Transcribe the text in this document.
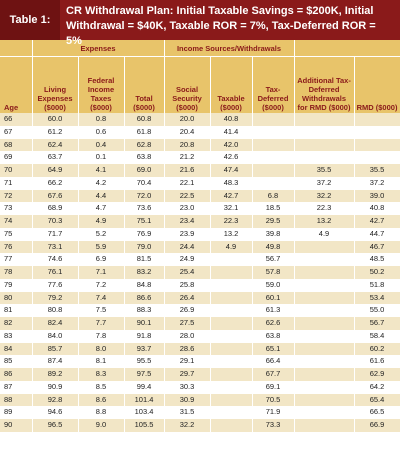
Table 1:
CR Withdrawal Plan: Initial Taxable Savings = $200K, Initial Withdrawal = $40K, Taxable ROR = 7%, Tax-Deferred ROR = 5%
	Expenses			Income Sources/Withdrawals				
Age	Living Expenses ($000)	Federal Income Taxes ($000)	Total ($000)	Social Security ($000)	Taxable ($000)	Tax-Deferred ($000)	Additional Tax-Deferred Withdrawals for RMD ($000)	RMD ($000)
66	60.0	0.8	60.8	20.0	40.8			
67	61.2	0.6	61.8	20.4	41.4			
68	62.4	0.4	62.8	20.8	42.0			
69	63.7	0.1	63.8	21.2	42.6			
70	64.9	4.1	69.0	21.6	47.4		35.5	35.5
71	66.2	4.2	70.4	22.1	48.3		37.2	37.2
72	67.6	4.4	72.0	22.5	42.7	6.8	32.2	39.0
73	68.9	4.7	73.6	23.0	32.1	18.5	22.3	40.8
74	70.3	4.9	75.1	23.4	22.3	29.5	13.2	42.7
75	71.7	5.2	76.9	23.9	13.2	39.8	4.9	44.7
76	73.1	5.9	79.0	24.4	4.9	49.8		46.7
77	74.6	6.9	81.5	24.9		56.7		48.5
78	76.1	7.1	83.2	25.4		57.8		50.2
79	77.6	7.2	84.8	25.8		59.0		51.8
80	79.2	7.4	86.6	26.4		60.1		53.4
81	80.8	7.5	88.3	26.9		61.3		55.0
82	82.4	7.7	90.1	27.5		62.6		56.7
83	84.0	7.8	91.8	28.0		63.8		58.4
84	85.7	8.0	93.7	28.6		65.1		60.2
85	87.4	8.1	95.5	29.1		66.4		61.6
86	89.2	8.3	97.5	29.7		67.7		62.9
87	90.9	8.5	99.4	30.3		69.1		64.2
88	92.8	8.6	101.4	30.9		70.5		65.4
89	94.6	8.8	103.4	31.5		71.9		66.5
90	96.5	9.0	105.5	32.2		73.3		66.9
